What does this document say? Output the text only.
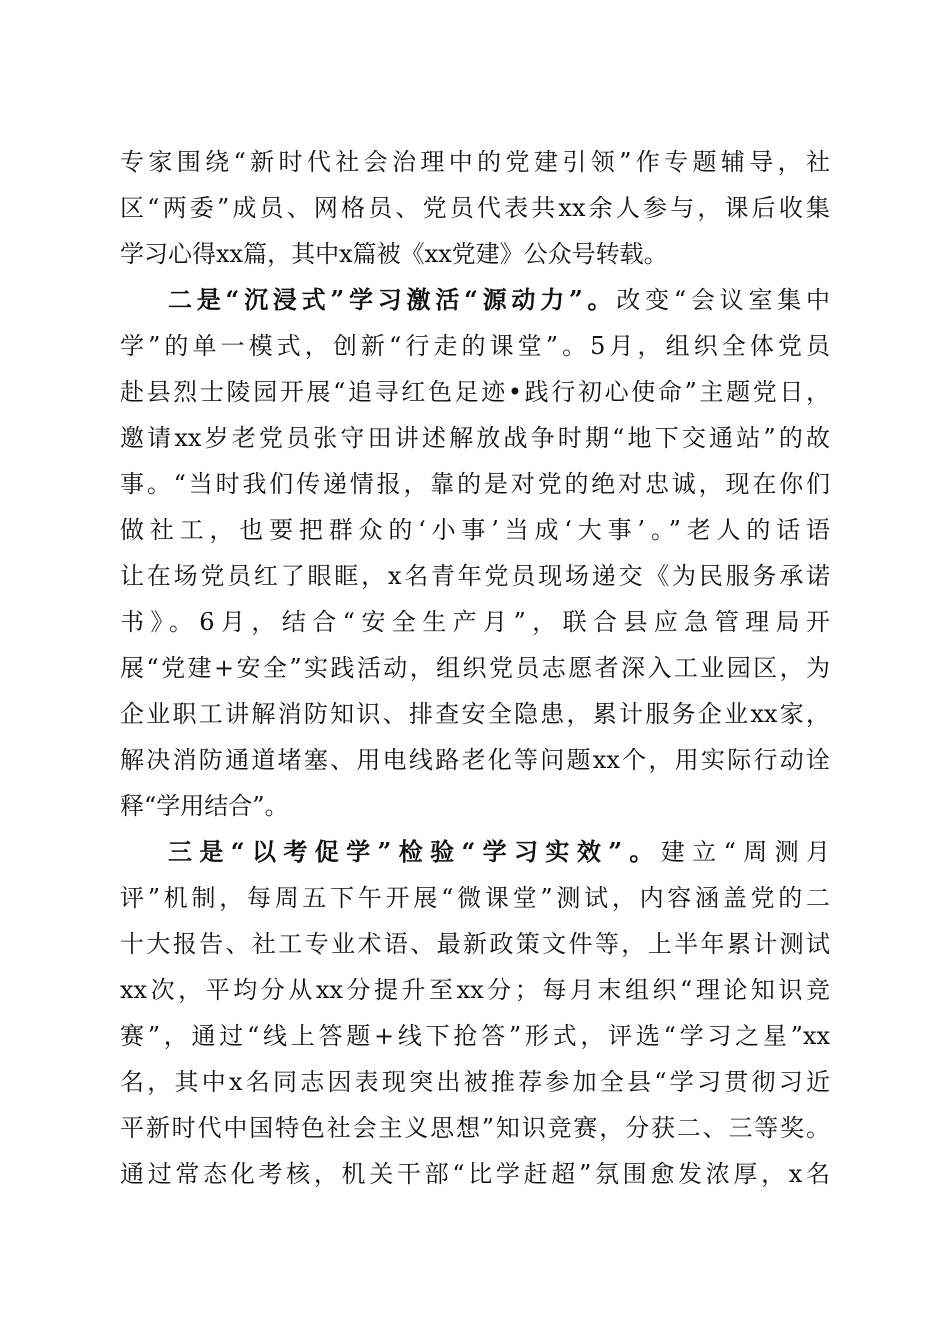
专家围绕“新时代社会治理中的党建引领”作专题辅导，社
区“两委”成员、网格员、党员代表共xx余人参与，课后收集
学习心得xx篇，其中x篇被《xx党建》公众号转载。
二是“沉浸式”学习激活“源动力”。改变“会议室集中
学”的单一模式，创新“行走的课堂”。5月，组织全体党员
赴县烈士陵园开展“追寻红色足迹•践行初心使命”主题党日，
邀请xx岁老党员张守田讲述解放战争时期“地下交通站”的故
事。“当时我们传递情报，靠的是对党的绝对忠诚，现在你们
做社工，也要把群众的‘小事’当成‘大事’。”老人的话语
让在场党员红了眼眶，x名青年党员现场递交《为民服务承诺
书》。6月，结合“安全生产月”，联合县应急管理局开
展“党建+安全”实践活动，组织党员志愿者深入工业园区，为
企业职工讲解消防知识、排查安全隐患，累计服务企业xx家，
解决消防通道堵塞、用电线路老化等问题xx个，用实际行动诠
释“学用结合”。
三是“以考促学”检验“学习实效”。建立“周测月
评”机制，每周五下午开展“微课堂”测试，内容涵盖党的二
十大报告、社工专业术语、最新政策文件等，上半年累计测试
xx次，平均分从xx分提升至xx分；每月末组织“理论知识竞
赛”，通过“线上答题+线下抢答”形式，评选“学习之星”xx
名，其中x名同志因表现突出被推荐参加全县“学习贯彻习近
平新时代中国特色社会主义思想”知识竞赛，分获二、三等奖。
通过常态化考核，机关干部“比学赶超”氛围愈发浓厚，x名
